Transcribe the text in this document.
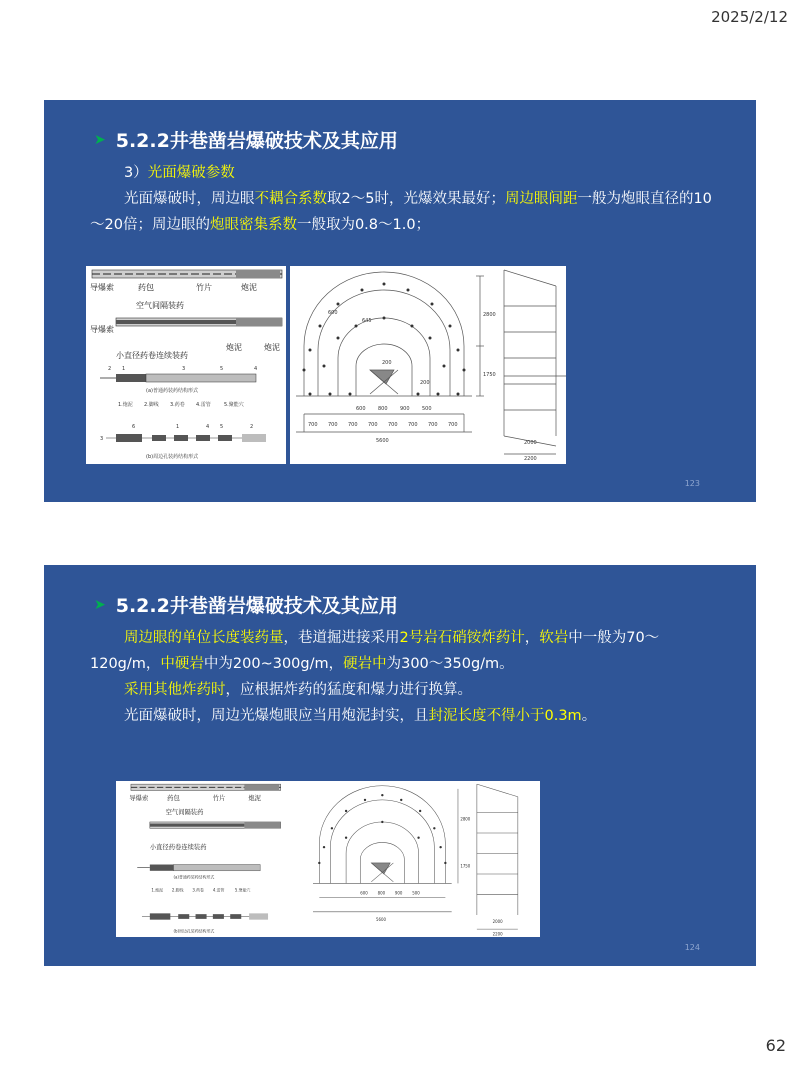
2025/2/12
➤ 5.2.2井巷凿岩爆破技术及其应用

3）光面爆破参数

光面爆破时，周边眼不耦合系数取2～5时，光爆效果最好；周边眼间距一般为炮眼直径的10～20倍；周边眼的炮眼密集系数一般取为0.8～1.0；

导爆索	药包	竹片	炮泥
空气间隔装药
导爆索
炮泥	炮泥
小直径药卷连续装药
2 1	3	5	4
(a)普通药装药结构形式
1.炮泥 2.脚线 3.药卷 4.雷管	5.聚能穴
3
6	1	4 5	2
(b)周边孔装药结构形式
600
200
645
200
600 800 900 500
700 700 700 700 700 700 700 700
5600
2800
1750
2000
2200
123
➤ 5.2.2井巷凿岩爆破技术及其应用

周边眼的单位长度装药量，巷道掘进接采用2号岩石硝铵炸药计，软岩中一般为70～120g/m，中硬岩中为200~300g/m，硬岩中为300～350g/m。

采用其他炸药时，应根据炸药的猛度和爆力进行换算。

光面爆破时，周边光爆炮眼应当用炮泥封实，且封泥长度不得小于0.3m。

导爆索 药包	竹片	炮泥
空气间隔装药
小直径药卷连续装药
(a)普通药装药结构形式
1.炮泥 2.脚线 3.药卷 4.雷管 5.聚能穴
(b)周边孔装药结构形式
600 800 900 500
5600
2800
1750
2000
2200
124
62
